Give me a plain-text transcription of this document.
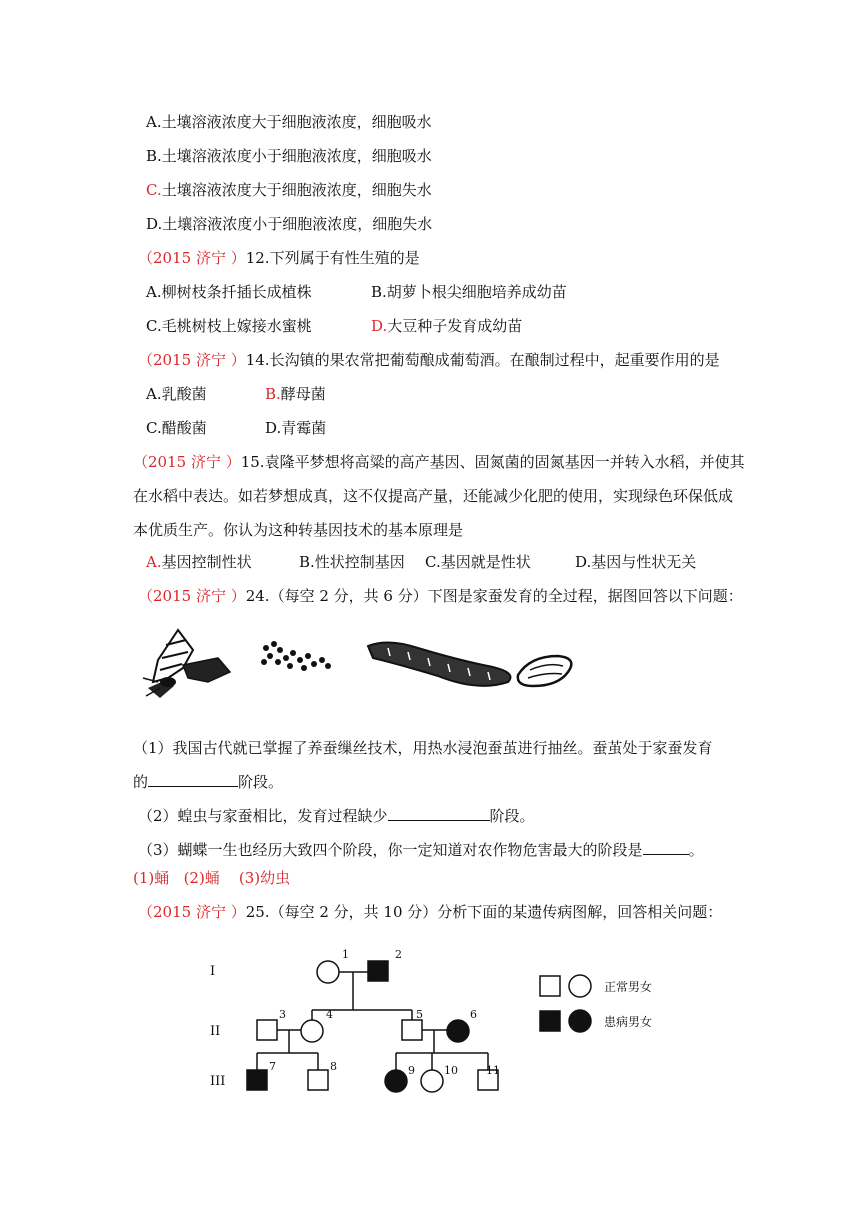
A.土壤溶液浓度大于细胞液浓度，细胞吸水
B.土壤溶液浓度小于细胞液浓度，细胞吸水
C.土壤溶液浓度大于细胞液浓度，细胞失水
D.土壤溶液浓度小于细胞液浓度，细胞失水
（2015 济宁 ）12.下列属于有性生殖的是
A.柳树枝条扦插长成植株	B.胡萝卜根尖细胞培养成幼苗
C.毛桃树枝上嫁接水蜜桃	D.大豆种子发育成幼苗
（2015 济宁 ）14.长沟镇的果农常把葡萄酿成葡萄酒。在酿制过程中，起重要作用的是
A.乳酸菌	B.酵母菌
C.醋酸菌	D.青霉菌
（2015 济宁 ）15.袁隆平梦想将高粱的高产基因、固氮菌的固氮基因一并转入水稻，并使其
在水稻中表达。如若梦想成真，这不仅提高产量，还能减少化肥的使用，实现绿色环保低成
本优质生产。你认为这种转基因技术的基本原理是
A.基因控制性状	B.性状控制基因 C.基因就是性状	D.基因与性状无关
（2015 济宁 ）24.（每空 2 分，共 6 分）下图是家蚕发育的全过程，据图回答以下问题：
（1）我国古代就已掌握了养蚕缫丝技术，用热水浸泡蚕茧进行抽丝。蚕茧处于家蚕发育
的	阶段。
（2）蝗虫与家蚕相比，发育过程缺少	阶段。
（3）蝴蝶一生也经历大致四个阶段，你一定知道对农作物危害最大的阶段是	。
(1)蛹 (2)蛹 (3)幼虫
（2015 济宁 ）25.（每空 2 分，共 10 分）分析下面的某遗传病图解，回答相关问题：
I
II
III
1	2
3	4	5	6
7	8	9	10	11
正常男女
患病男女
